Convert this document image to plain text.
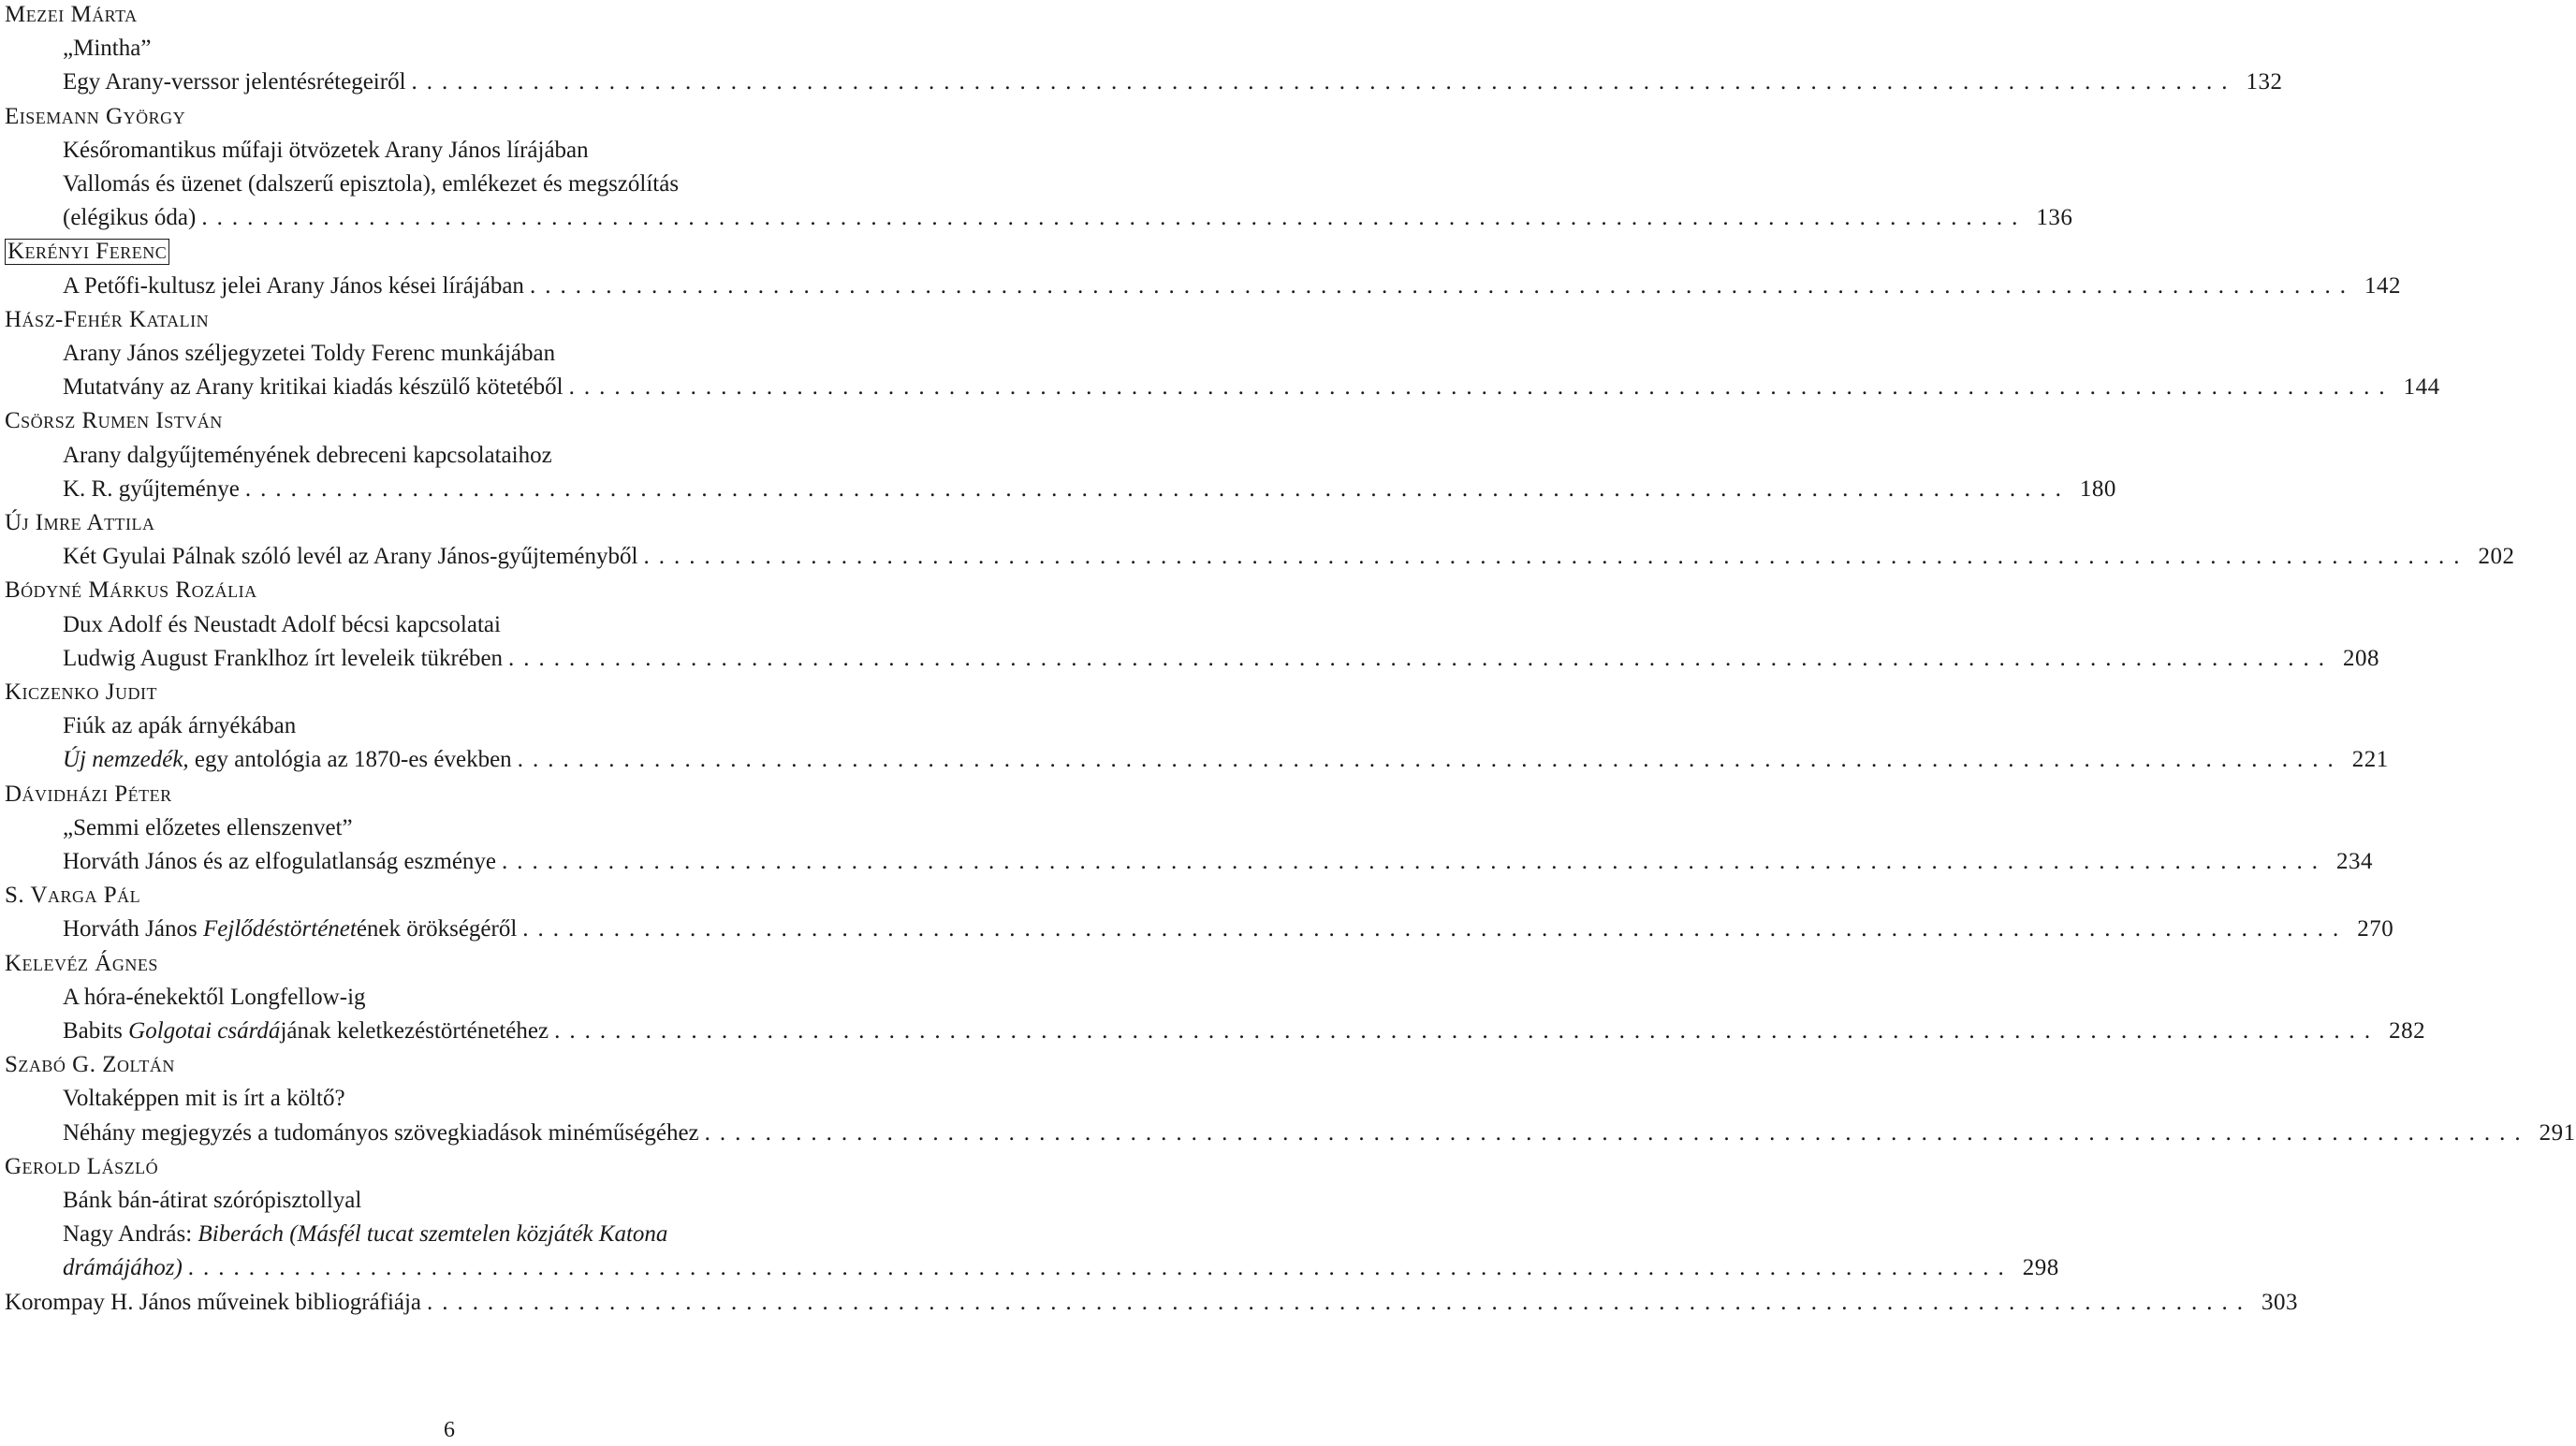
Mezei Márta
„Mintha”
Egy Arany-verssor jelentésrétegeiről ........................................................................................................................ 132
Eisemann György
Későromantikus műfaji ötvözetek Arany János lírájában
Vallomás és üzenet (dalszerű episztola), emlékezet és megszólítás
(elégikus óda) ........................................................................................................................ 136
Kerényi Ferenc
A Petőfi-kultusz jelei Arany János kései lírájában ........................................................................................................................ 142
Hász-Fehér Katalin
Arany János széljegyzetei Toldy Ferenc munkájában
Mutatvány az Arany kritikai kiadás készülő kötetéből ........................................................................................................................ 144
Csörsz Rumen István
Arany dalgyűjteményének debreceni kapcsolataihoz
K. R. gyűjteménye ........................................................................................................................ 180
Új Imre Attila
Két Gyulai Pálnak szóló levél az Arany János-gyűjteményből ........................................................................................................................ 202
Bódyné Márkus Rozália
Dux Adolf és Neustadt Adolf bécsi kapcsolatai
Ludwig August Franklhoz írt leveleik tükrében ........................................................................................................................ 208
Kiczenko Judit
Fiúk az apák árnyékában
Új nemzedék, egy antológia az 1870-es években ........................................................................................................................ 221
Dávidházi Péter
„Semmi előzetes ellenszenvet”
Horváth János és az elfogulatlanság eszménye ........................................................................................................................ 234
S. Varga Pál
Horváth János Fejlődéstörténetének örökségéről ........................................................................................................................ 270
Kelevéz Ágnes
A hóra-énekektől Longfellow-ig
Babits Golgotai csárdájának keletkezéstörténetéhez ........................................................................................................................ 282
Szabó G. Zoltán
Voltaképpen mit is írt a költő?
Néhány megjegyzés a tudományos szövegkiadások minéműségéhez ........................................................................................................................ 291
Gerold László
Bánk bán-átirat szórópisztollyal
Nagy András: Biberách (Másfél tucat szemtelen közjáték Katona
drámájához) ........................................................................................................................ 298
Korompay H. János műveinek bibliográfiája ........................................................................................................................ 303
6
